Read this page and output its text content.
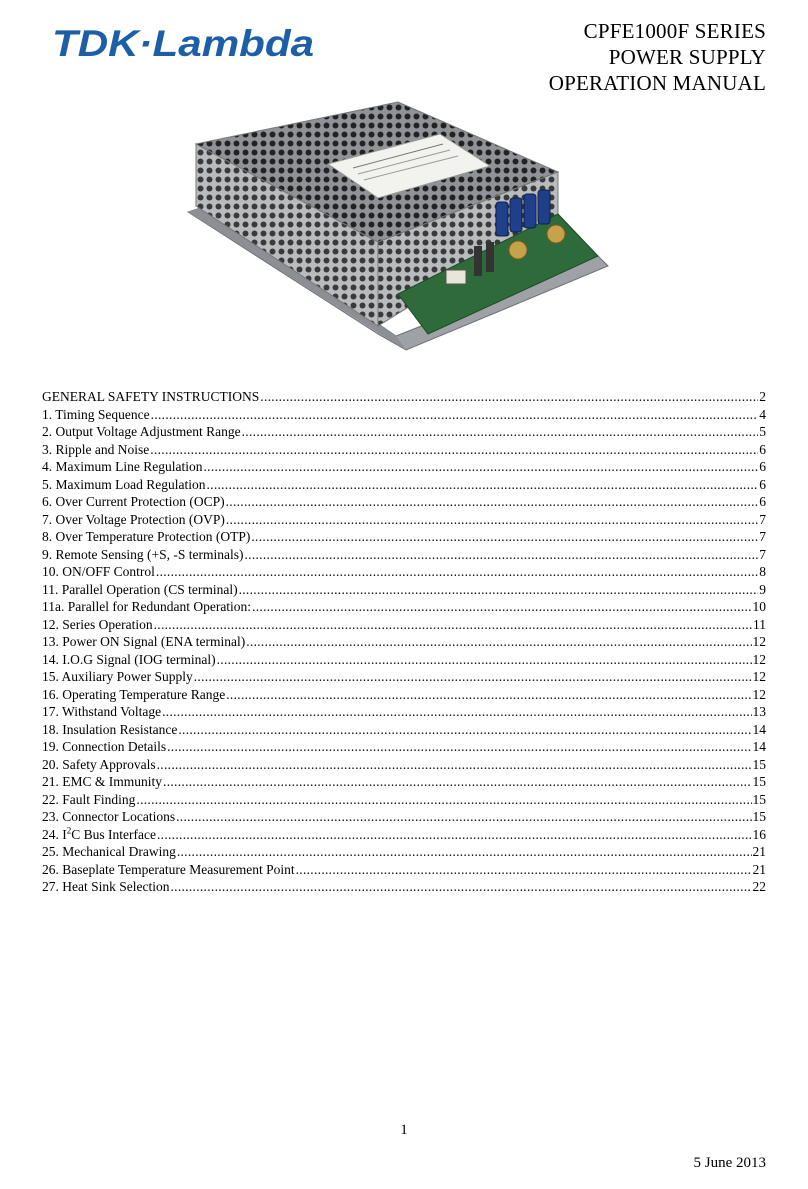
TDK·Lambda	CPFE1000F SERIES
POWER SUPPLY
OPERATION MANUAL
GENERAL SAFETY INSTRUCTIONS .....	2
1. Timing Sequence .....	4
2. Output Voltage Adjustment Range .....	5
3. Ripple and Noise .....	6
4. Maximum Line Regulation .....	6
5. Maximum Load Regulation .....	6
6. Over Current Protection (OCP) .....	6
7. Over Voltage Protection (OVP) .....	7
8. Over Temperature Protection (OTP) .....	7
9. Remote Sensing (+S, -S terminals) .....	7
10. ON/OFF Control .....	8
11. Parallel Operation (CS terminal) .....	9
11a. Parallel for Redundant Operation: .....	10
12. Series Operation .....	11
13. Power ON Signal (ENA terminal) .....	12
14. I.O.G Signal (IOG terminal) .....	12
15. Auxiliary Power Supply .....	12
16. Operating Temperature Range .....	12
17. Withstand Voltage .....	13
18. Insulation Resistance .....	14
19. Connection Details .....	14
20. Safety Approvals .....	15
21. EMC & Immunity .....	15
22. Fault Finding .....	15
23. Connector Locations .....	15
24. $I^2C$ Bus Interface .....	16
25. Mechanical Drawing .....	21
26. Baseplate Temperature Measurement Point .....	21
27. Heat Sink Selection .....	22
1
5 June 2013
